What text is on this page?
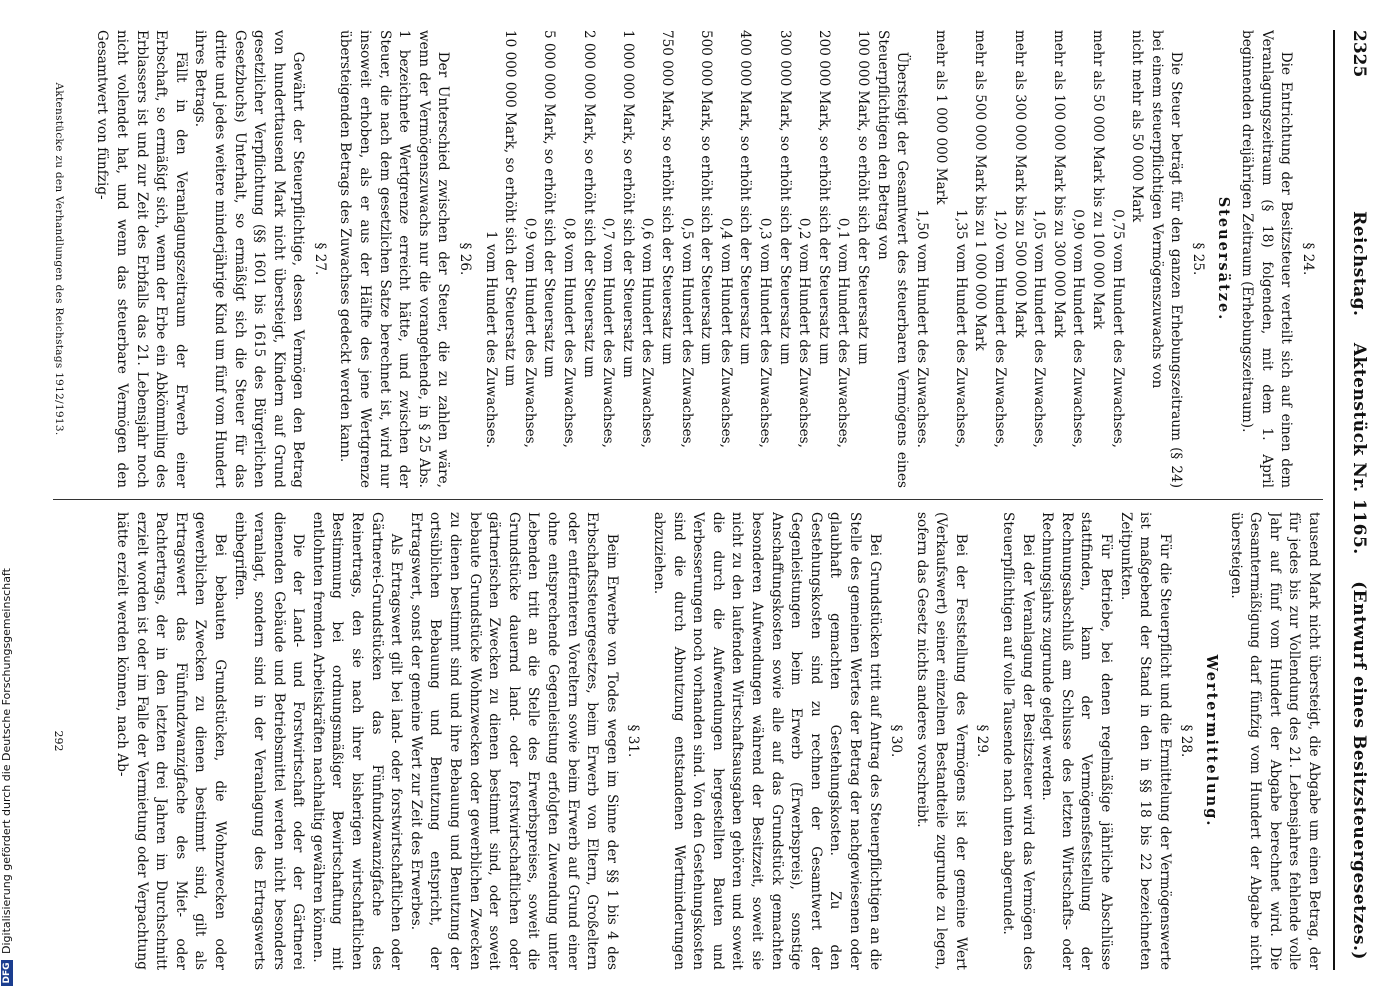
DFG
Digitalisierung gefördert durch die Deutsche Forschungsgemeinschaft
2325
Reichstag. Aktenstück Nr. 1165. (Entwurf eines Besitzsteuergesetzes.)
§ 24.

Die Entrichtung der Besitzsteuer verteilt sich auf einen dem Veranlagungszeitraum (§ 18) folgenden, mit dem 1. April beginnenden dreijährigen Zeitraum (Erhebungszeitraum).

Steuersätze.
§ 25.

Die Steuer beträgt für den ganzen Erhebungszeitraum (§ 24) bei einem steuerpflichtigen Vermögenszuwachs von

nicht mehr als 50 000 Mark
0,75 vom Hundert des Zuwachses,
mehr als 50 000 Mark bis zu 100 000 Mark
0,90 vom Hundert des Zuwachses,
mehr als 100 000 Mark bis zu 300 000 Mark
1,05 vom Hundert des Zuwachses,
mehr als 300 000 Mark bis zu 500 000 Mark
1,20 vom Hundert des Zuwachses,
mehr als 500 000 Mark bis zu 1 000 000 Mark
1,35 vom Hundert des Zuwachses,
mehr als 1 000 000 Mark
1,50 vom Hundert des Zuwachses.

Übersteigt der Gesamtwert des steuerbaren Vermögens eines Steuerpflichtigen den Betrag von

100 000 Mark, so erhöht sich der Steuersatz um
0,1 vom Hundert des Zuwachses,
200 000 Mark, so erhöht sich der Steuersatz um
0,2 vom Hundert des Zuwachses,
300 000 Mark, so erhöht sich der Steuersatz um
0,3 vom Hundert des Zuwachses,
400 000 Mark, so erhöht sich der Steuersatz um
0,4 vom Hundert des Zuwachses,
500 000 Mark, so erhöht sich der Steuersatz um
0,5 vom Hundert des Zuwachses,
750 000 Mark, so erhöht sich der Steuersatz um
0,6 vom Hundert des Zuwachses,
1 000 000 Mark, so erhöht sich der Steuersatz um
0,7 vom Hundert des Zuwachses,
2 000 000 Mark, so erhöht sich der Steuersatz um
0,8 vom Hundert des Zuwachses,
5 000 000 Mark, so erhöht sich der Steuersatz um
0,9 vom Hundert des Zuwachses,
10 000 000 Mark, so erhöht sich der Steuersatz um
1 vom Hundert des Zuwachses.
§ 26.

Der Unterschied zwischen der Steuer, die zu zahlen wäre, wenn der Vermögenszuwachs nur die vorangehende, in § 25 Abs. 1 bezeichnete Wertgrenze erreicht hätte, und zwischen der Steuer, die nach dem gesetzlichen Satze berechnet ist, wird nur insoweit erhoben, als er aus der Hälfte des jene Wertgrenze übersteigenden Betrags des Zuwachses gedeckt werden kann.

§ 27.

Gewährt der Steuerpflichtige, dessen Vermögen den Betrag von hunderttausend Mark nicht übersteigt, Kindern auf Grund gesetzlicher Verpflichtung (§§ 1601 bis 1615 des Bürgerlichen Gesetzbuchs) Unterhalt, so ermäßigt sich die Steuer für das dritte und jedes weitere minderjährige Kind um fünf vom Hundert ihres Betrags.

Fällt in den Veranlagungszeitraum der Erwerb einer Erbschaft, so ermäßigt sich, wenn der Erbe ein Abkömmling des Erblassers ist und zur Zeit des Erbfalls das 21. Lebensjahr noch nicht vollendet hat, und wenn das steuerbare Vermögen den Gesamtwert von fünfzig-

tausend Mark nicht übersteigt, die Abgabe um einen Betrag, der für jedes bis zur Vollendung des 21. Lebensjahres fehlende volle Jahr auf fünf vom Hundert der Abgabe berechnet wird. Die Gesamtermäßigung darf fünfzig vom Hundert der Abgabe nicht übersteigen.

Wertermittelung.
§ 28.

Für die Steuerpflicht und die Ermittelung der Vermögenswerte ist maßgebend der Stand in den in §§ 18 bis 22 bezeichneten Zeitpunkten.

Für Betriebe, bei denen regelmäßige jährliche Abschlüsse stattfinden, kann der Vermögensfeststellung der Rechnungsabschluß am Schlusse des letzten Wirtschafts- oder Rechnungsjahrs zugrunde gelegt werden.

Bei der Veranlagung der Besitzsteuer wird das Vermögen des Steuerpflichtigen auf volle Tausende nach unten abgerundet.

§ 29.

Bei der Feststellung des Vermögens ist der gemeine Wert (Verkaufswert) seiner einzelnen Bestandteile zugrunde zu legen, sofern das Gesetz nichts anderes vorschreibt.

§ 30.

Bei Grundstücken tritt auf Antrag des Steuerpflichtigen an die Stelle des gemeinen Wertes der Betrag der nachgewiesenen oder glaubhaft gemachten Gestehungskosten. Zu den Gestehungskosten sind zu rechnen der Gesamtwert der Gegenleistungen beim Erwerb (Erwerbspreis), sonstige Anschaffungskosten sowie alle auf das Grundstück gemachten besonderen Aufwendungen während der Besitzzeit, soweit sie nicht zu den laufenden Wirtschaftsausgaben gehören und soweit die durch die Aufwendungen hergestellten Bauten und Verbesserungen noch vorhanden sind. Von den Gestehungskosten sind die durch Abnutzung entstandenen Wertminderungen abzuziehen.

§ 31.

Beim Erwerbe von Todes wegen im Sinne der §§ 1 bis 4 des Erbschaftssteuergesetzes, beim Erwerb von Eltern, Großeltern oder entfernteren Voreltern sowie beim Erwerb auf Grund einer ohne entsprechende Gegenleistung erfolgten Zuwendung unter Lebenden tritt an die Stelle des Erwerbspreises, soweit die Grundstücke dauernd land- oder forstwirtschaftlichen oder gärtnerischen Zwecken zu dienen bestimmt sind, oder soweit bebaute Grundstücke Wohnzwecken oder gewerblichen Zwecken zu dienen bestimmt sind und ihre Bebauung und Benutzung der ortsüblichen Bebauung und Benutzung entspricht, der Ertragswert, sonst der gemeine Wert zur Zeit des Erwerbes.

Als Ertragswert gilt bei land- oder forstwirtschaftlichen oder Gärtnerei-Grundstücken das Fünfundzwanzigfache des Reinertrags, den sie nach ihrer bisherigen wirtschaftlichen Bestimmung bei ordnungsmäßiger Bewirtschaftung mit entlohnten fremden Arbeitskräften nachhaltig gewähren können.

Die der Land- und Forstwirtschaft oder der Gärtnerei dienenden Gebäude und Betriebsmittel werden nicht besonders veranlagt, sondern sind in der Veranlagung des Ertragswerts einbegriffen.

Bei bebauten Grundstücken, die Wohnzwecken oder gewerblichen Zwecken zu dienen bestimmt sind, gilt als Ertragswert das Fünfundzwanzigfache des Miet- oder Pachtertrags, der in den letzten drei Jahren im Durchschnitt erzielt worden ist oder im Falle der Vermietung oder Verpachtung hätte erzielt werden können, nach Ab-

Aktenstücke zu den Verhandlungen des Reichstags 1912/1913.
292
